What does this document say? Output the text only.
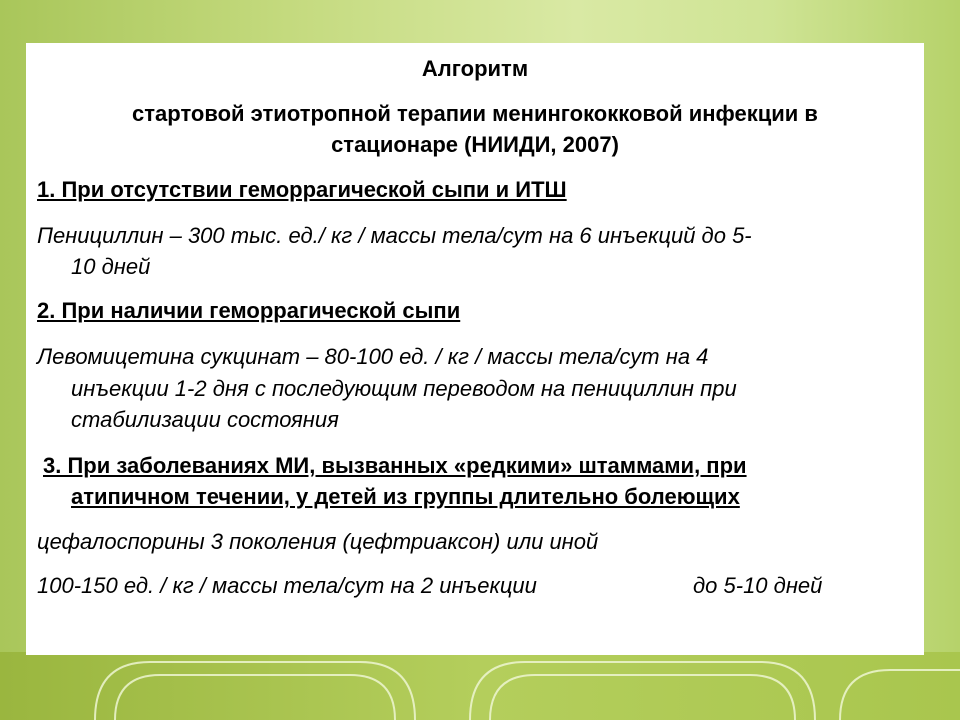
Алгоритм

стартовой этиотропной терапии менингококковой инфекции в

стационаре (НИИДИ, 2007)

1. При отсутствии геморрагической сыпи и ИТШ

Пенициллин – 300 тыс. ед./ кг / массы тела/сут на 6 инъекций до 5-

10 дней

2. При наличии геморрагической сыпи

Левомицетина сукцинат – 80-100 ед. / кг / массы тела/сут на 4

инъекции 1-2 дня с последующим переводом на пенициллин при

стабилизации состояния

3. При заболеваниях МИ, вызванных «редкими» штаммами, при

атипичном течении, у детей из группы длительно болеющих

цефалоспорины 3 поколения (цефтриаксон) или иной

100-150 ед. / кг / массы тела/сут на 2 инъекции	до 5-10 дней
